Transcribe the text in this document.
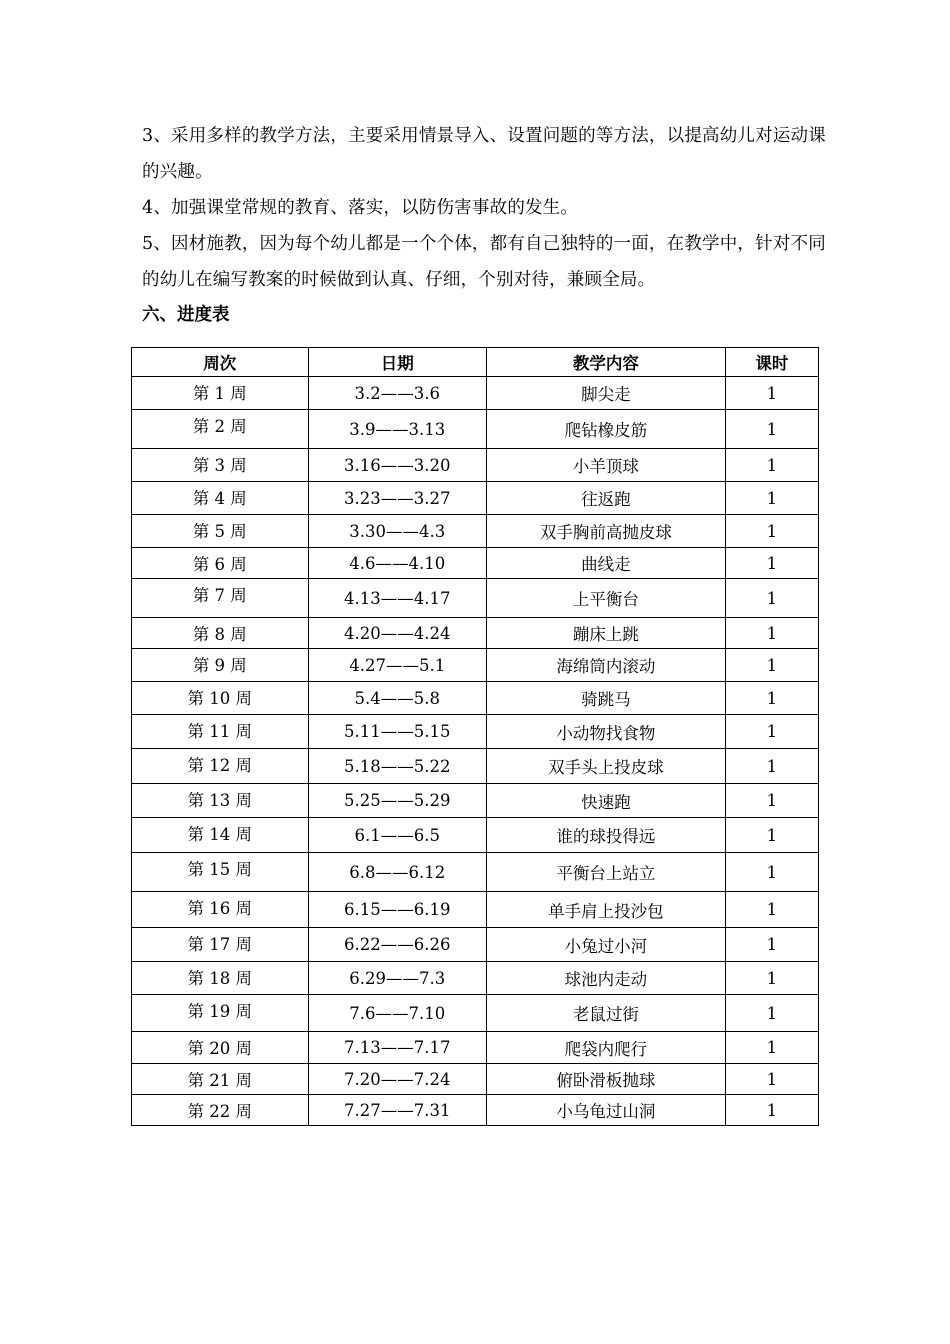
3、采用多样的教学方法，主要采用情景导入、设置问题的等方法，以提高幼儿对运动课的兴趣。

4、加强课堂常规的教育、落实，以防伤害事故的发生。

5、因材施教，因为每个幼儿都是一个个体，都有自己独特的一面，在教学中，针对不同的幼儿在编写教案的时候做到认真、仔细，个别对待，兼顾全局。

六、进度表
周次	日期	教学内容	课时
第 1 周	3.2——3.6	脚尖走	1
第 2 周	3.9——3.13	爬钻橡皮筋	1
第 3 周	3.16——3.20	小羊顶球	1
第 4 周	3.23——3.27	往返跑	1
第 5 周	3.30——4.3	双手胸前高抛皮球	1
第 6 周	4.6——4.10	曲线走	1
第 7 周	4.13——4.17	上平衡台	1
第 8 周	4.20——4.24	蹦床上跳	1
第 9 周	4.27——5.1	海绵筒内滚动	1
第 10 周	5.4——5.8	骑跳马	1
第 11 周	5.11——5.15	小动物找食物	1
第 12 周	5.18——5.22	双手头上投皮球	1
第 13 周	5.25——5.29	快速跑	1
第 14 周	6.1——6.5	谁的球投得远	1
第 15 周	6.8——6.12	平衡台上站立	1
第 16 周	6.15——6.19	单手肩上投沙包	1
第 17 周	6.22——6.26	小兔过小河	1
第 18 周	6.29——7.3	球池内走动	1
第 19 周	7.6——7.10	老鼠过街	1
第 20 周	7.13——7.17	爬袋内爬行	1
第 21 周	7.20——7.24	俯卧滑板抛球	1
第 22 周	7.27——7.31	小乌龟过山洞	1
